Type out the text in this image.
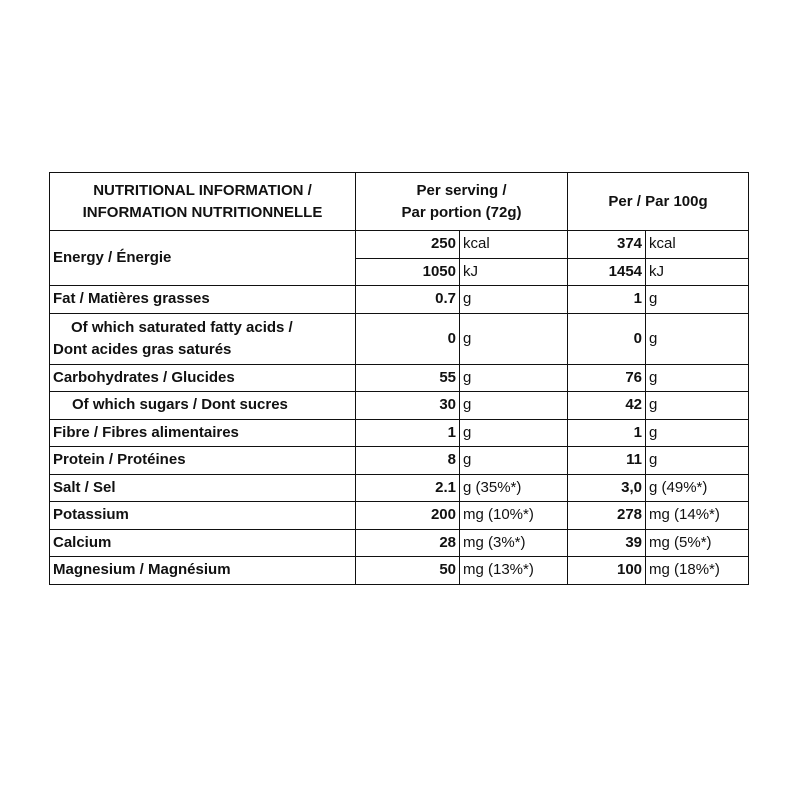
NUTRITIONAL INFORMATION /
INFORMATION NUTRITIONNELLE	Per serving /
Par portion (72g)		Per / Par 100g	
Energy / Énergie	250	kcal	374	kcal
	1050	kJ	1454	kJ
Fat / Matières grasses	0.7	g	1	g

Of which saturated fatty acids /
Dont acides gras saturés	0	g	0	g
Carbohydrates / Glucides	55	g	76	g
Of which sugars / Dont sucres	30	g	42	g
Fibre / Fibres alimentaires	1	g	1	g
Protein / Protéines	8	g	11	g
Salt / Sel	2.1	g (35%*)	3,0	g (49%*)
Potassium	200	mg (10%*)	278	mg (14%*)
Calcium	28	mg (3%*)	39	mg (5%*)
Magnesium / Magnésium	50	mg (13%*)	100	mg (18%*)
